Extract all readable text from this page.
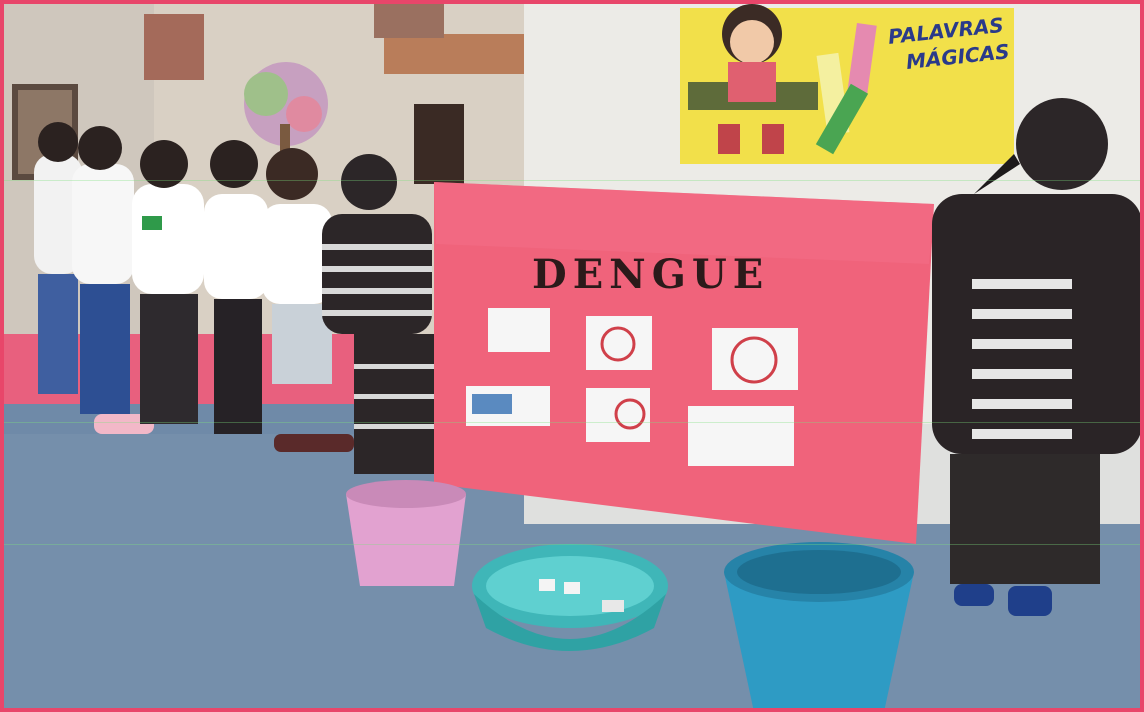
PALAVRAS
MÁGICAS
DENGUE
